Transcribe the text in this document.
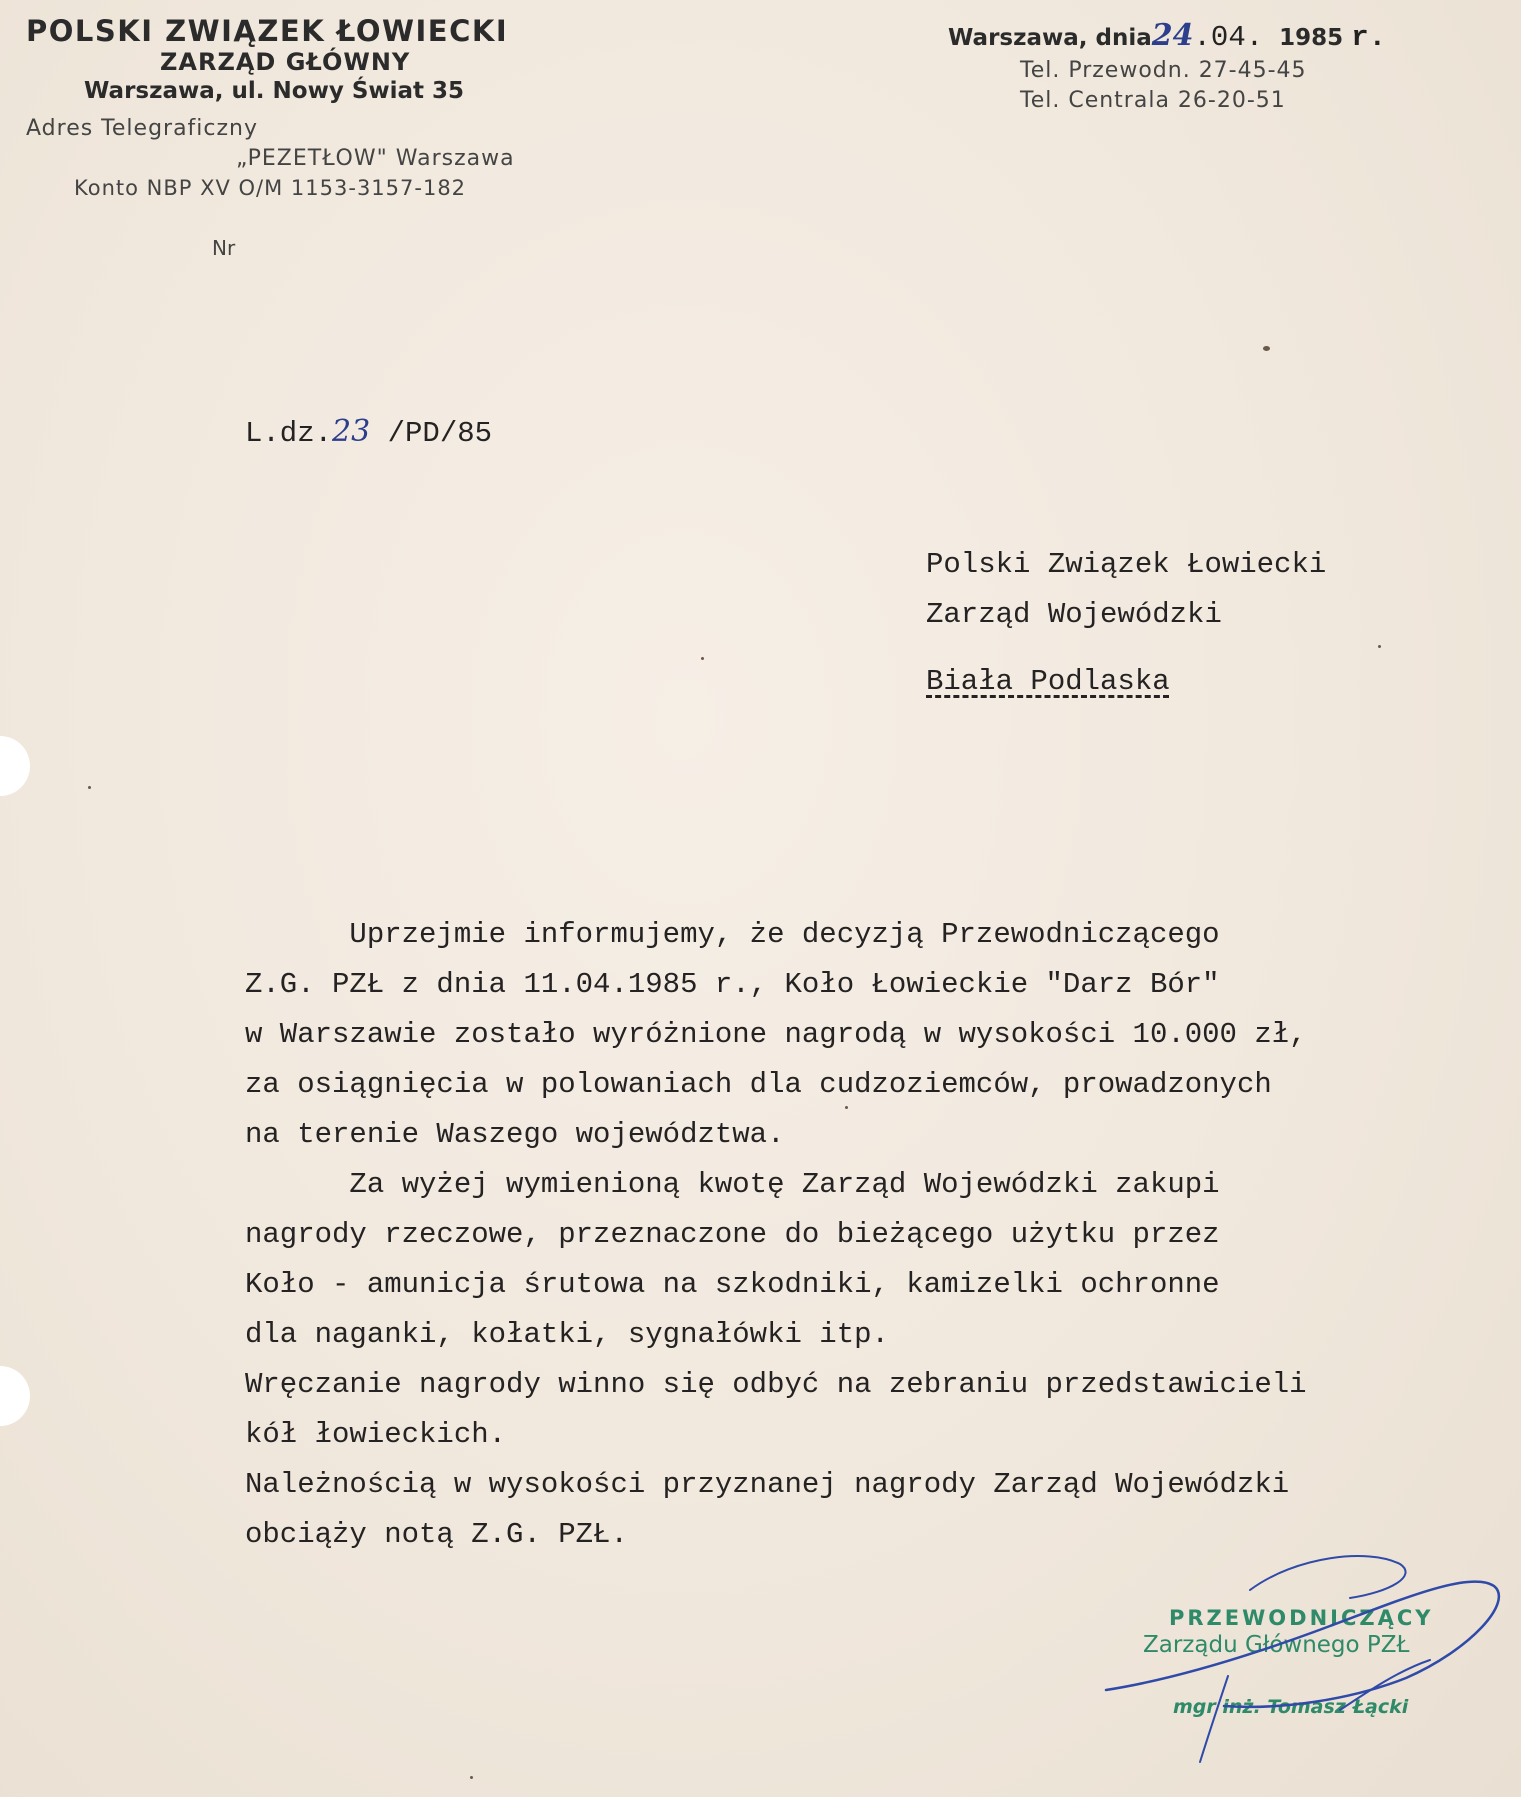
POLSKI ZWIĄZEK ŁOWIECKI
ZARZĄD GŁÓWNY
Warszawa, ul. Nowy Świat 35
Adres Telegraficzny
„PEZETŁOW" Warszawa
Konto NBP XV O/M 1153-3157-182
Nr
Warszawa, dnia24.04. 1985 r.
Tel. Przewodn. 27-45-45
Tel. Centrala 26-20-51
L.dz.23 /PD/85
Polski Związek Łowiecki
Zarząd Wojewódzki
Biała Podlaska
Uprzejmie informujemy, że decyzją Przewodniczącego
Z.G. PZŁ z dnia 11.04.1985 r., Koło Łowieckie "Darz Bór"
w Warszawie zostało wyróżnione nagrodą w wysokości 10.000 zł,
za osiągnięcia w polowaniach dla cudzoziemców, prowadzonych
na terenie Waszego województwa.
Za wyżej wymienioną kwotę Zarząd Wojewódzki zakupi
nagrody rzeczowe, przeznaczone do bieżącego użytku przez
Koło - amunicja śrutowa na szkodniki, kamizelki ochronne
dla naganki, kołatki, sygnałówki itp.
Wręczanie nagrody winno się odbyć na zebraniu przedstawicieli
kół łowieckich.
Należnością w wysokości przyznanej nagrody Zarząd Wojewódzki
obciąży notą Z.G. PZŁ.
PRZEWODNICZĄCY
Zarządu Głównego PZŁ
mgr inż. Tomasz Łącki
